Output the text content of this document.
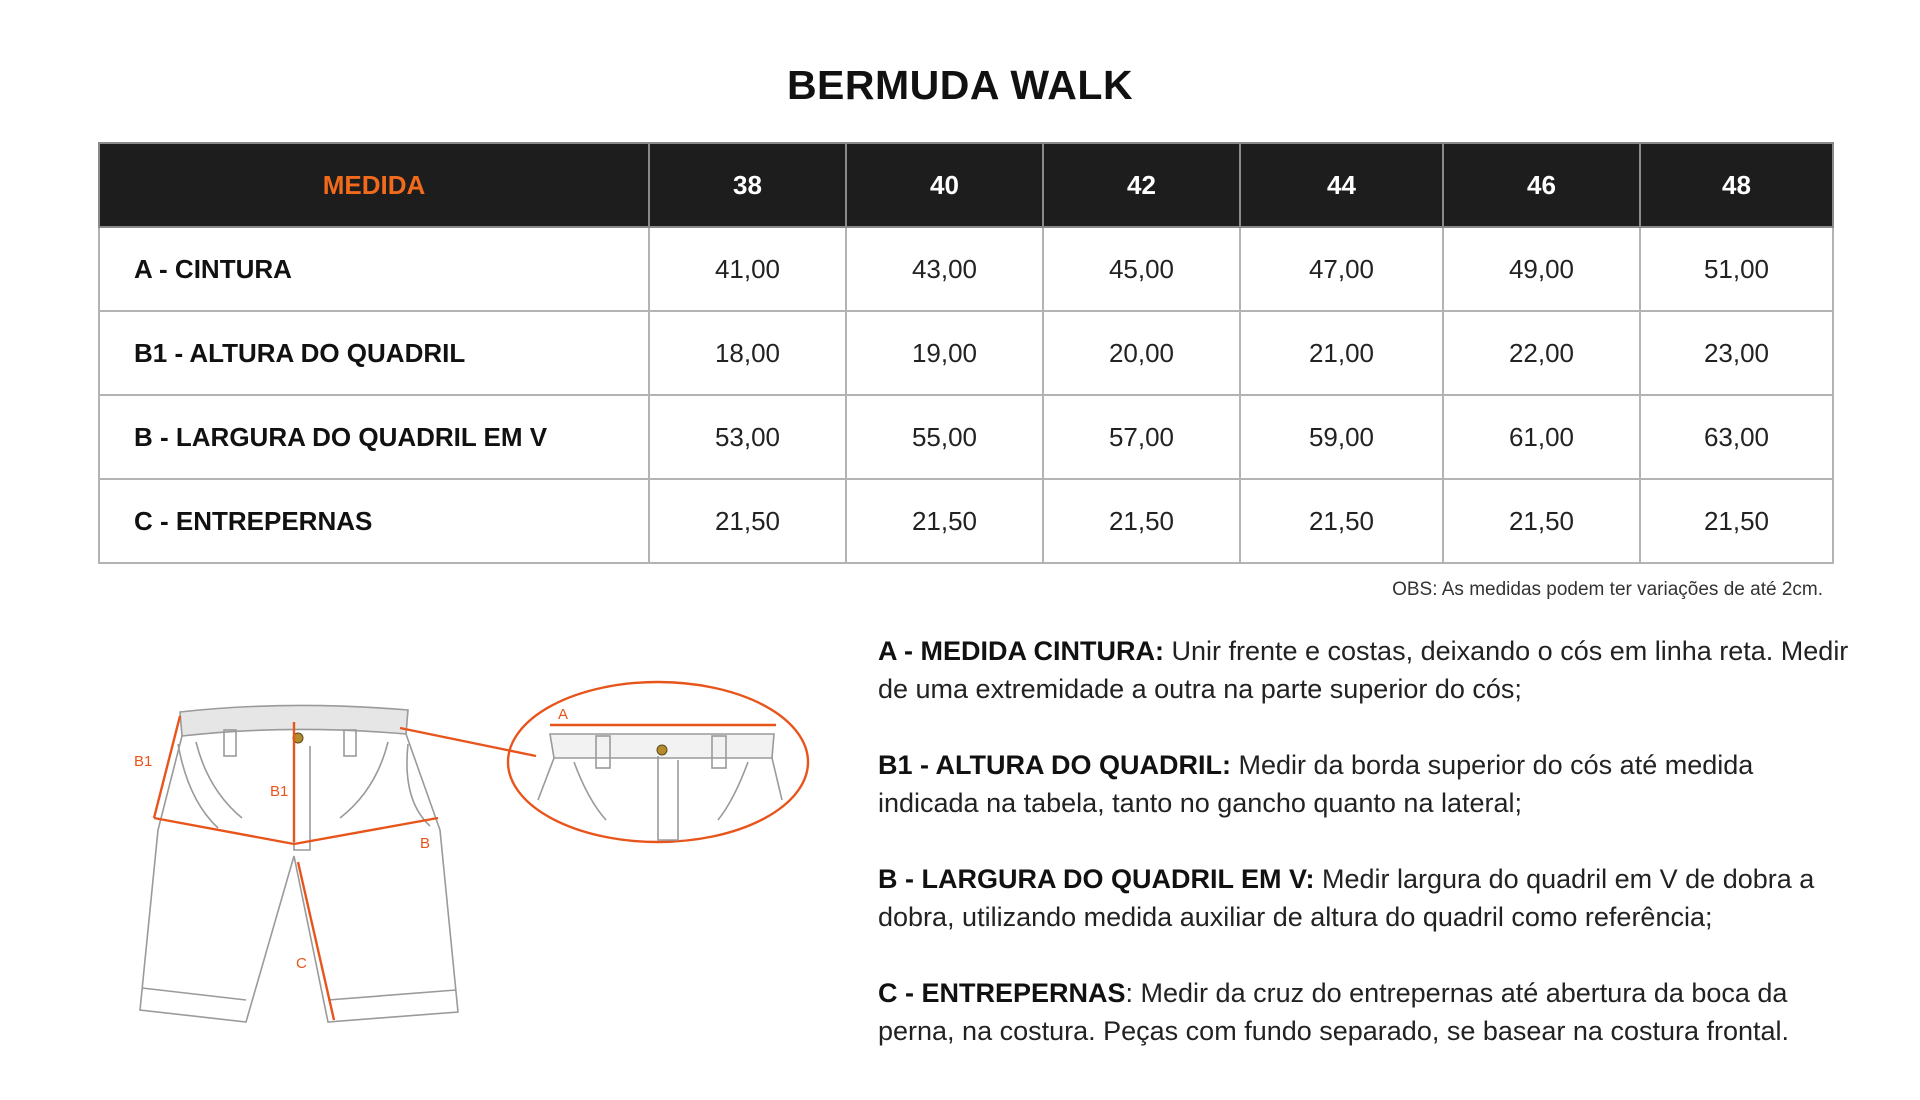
BERMUDA WALK
MEDIDA	38	40	42	44	46	48
A - CINTURA	41,00	43,00	45,00	47,00	49,00	51,00
B1 - ALTURA DO QUADRIL	18,00	19,00	20,00	21,00	22,00	23,00
B - LARGURA DO QUADRIL EM V	53,00	55,00	57,00	59,00	61,00	63,00
C - ENTREPERNAS	21,50	21,50	21,50	21,50	21,50	21,50
OBS: As medidas podem ter variações de até 2cm.
B1
B1
B
C
A

A - MEDIDA CINTURA: Unir frente e costas, deixando o cós em linha reta. Medir de uma extremidade a outra na parte superior do cós;

B1 - ALTURA DO QUADRIL: Medir da borda superior do cós até medida indicada na tabela, tanto no gancho quanto na lateral;

B - LARGURA DO QUADRIL EM V: Medir largura do quadril em V de dobra a dobra, utilizando medida auxiliar de altura do quadril como referência;

C - ENTREPERNAS: Medir da cruz do entrepernas até abertura da boca da perna, na costura. Peças com fundo separado, se basear na costura frontal.
